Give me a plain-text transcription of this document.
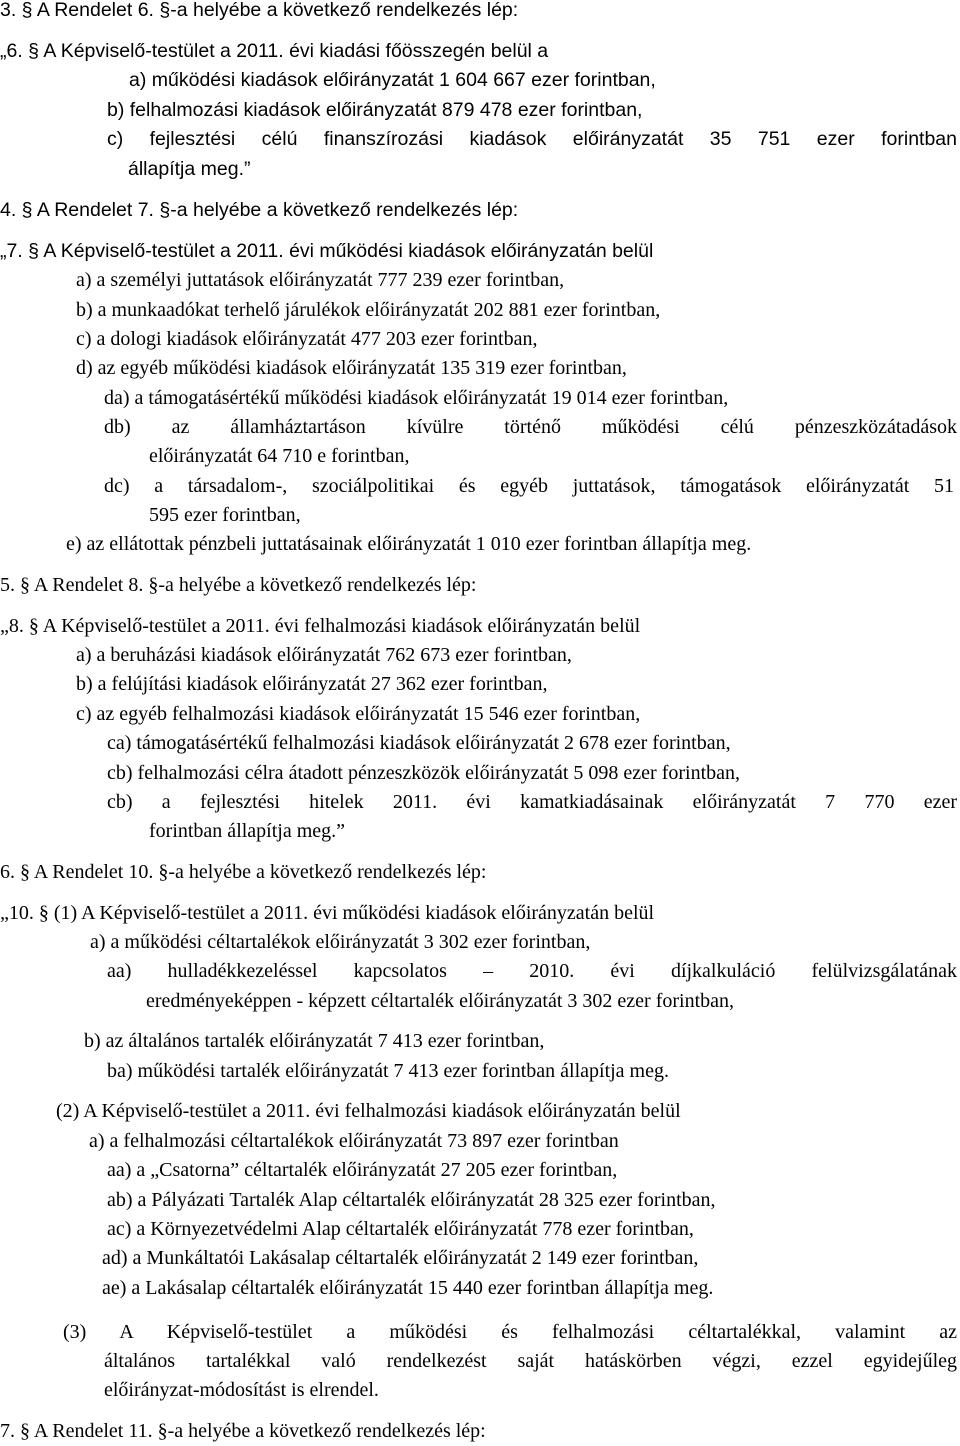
3. § A Rendelet 6. §-a helyébe a következő rendelkezés lép:
„6. § A Képviselő-testület a 2011. évi kiadási főösszegén belül a
a) működési kiadások előirányzatát 1 604 667 ezer forintban,
b) felhalmozási kiadások előirányzatát 879 478 ezer forintban,
c) fejlesztési célú finanszírozási kiadások előirányzatát 35 751 ezer forintban
állapítja meg.”
4. § A Rendelet 7. §-a helyébe a következő rendelkezés lép:
„7. § A Képviselő-testület a 2011. évi működési kiadások előirányzatán belül
a) a személyi juttatások előirányzatát 777 239 ezer forintban,
b) a munkaadókat terhelő járulékok előirányzatát 202 881 ezer forintban,
c) a dologi kiadások előirányzatát 477 203 ezer forintban,
d) az egyéb működési kiadások előirányzatát 135 319 ezer forintban,
da) a támogatásértékű működési kiadások előirányzatát 19 014 ezer forintban,
db) az államháztartáson kívülre történő működési célú pénzeszközátadások
előirányzatát 64 710 e forintban,
dc) a társadalom-, szociálpolitikai és egyéb juttatások, támogatások előirányzatát 51
595 ezer forintban,
e) az ellátottak pénzbeli juttatásainak előirányzatát 1 010 ezer forintban állapítja meg.
5. § A Rendelet 8. §-a helyébe a következő rendelkezés lép:
„8. § A Képviselő-testület a 2011. évi felhalmozási kiadások előirányzatán belül
a) a beruházási kiadások előirányzatát 762 673 ezer forintban,
b) a felújítási kiadások előirányzatát 27 362 ezer forintban,
c) az egyéb felhalmozási kiadások előirányzatát 15 546 ezer forintban,
ca) támogatásértékű felhalmozási kiadások előirányzatát 2 678 ezer forintban,
cb) felhalmozási célra átadott pénzeszközök előirányzatát 5 098 ezer forintban,
cb) a fejlesztési hitelek 2011. évi kamatkiadásainak előirányzatát 7 770 ezer
forintban állapítja meg.”
6. § A Rendelet 10. §-a helyébe a következő rendelkezés lép:
„10. § (1) A Képviselő-testület a 2011. évi működési kiadások előirányzatán belül
a) a működési céltartalékok előirányzatát 3 302 ezer forintban,
aa) hulladékkezeléssel kapcsolatos – 2010. évi díjkalkuláció felülvizsgálatának
eredményeképpen - képzett céltartalék előirányzatát 3 302 ezer forintban,
b) az általános tartalék előirányzatát 7 413 ezer forintban,
ba) működési tartalék előirányzatát 7 413 ezer forintban állapítja meg.
(2) A Képviselő-testület a 2011. évi felhalmozási kiadások előirányzatán belül
a) a felhalmozási céltartalékok előirányzatát 73 897 ezer forintban
aa) a „Csatorna” céltartalék előirányzatát 27 205 ezer forintban,
ab) a Pályázati Tartalék Alap céltartalék előirányzatát 28 325 ezer forintban,
ac) a Környezetvédelmi Alap céltartalék előirányzatát 778 ezer forintban,
ad) a Munkáltatói Lakásalap céltartalék előirányzatát 2 149 ezer forintban,
ae) a Lakásalap céltartalék előirányzatát 15 440 ezer forintban állapítja meg.
(3) A Képviselő-testület a működési és felhalmozási céltartalékkal, valamint az
általános tartalékkal való rendelkezést saját hatáskörben végzi, ezzel egyidejűleg
előirányzat-módosítást is elrendel.
7. § A Rendelet 11. §-a helyébe a következő rendelkezés lép:
